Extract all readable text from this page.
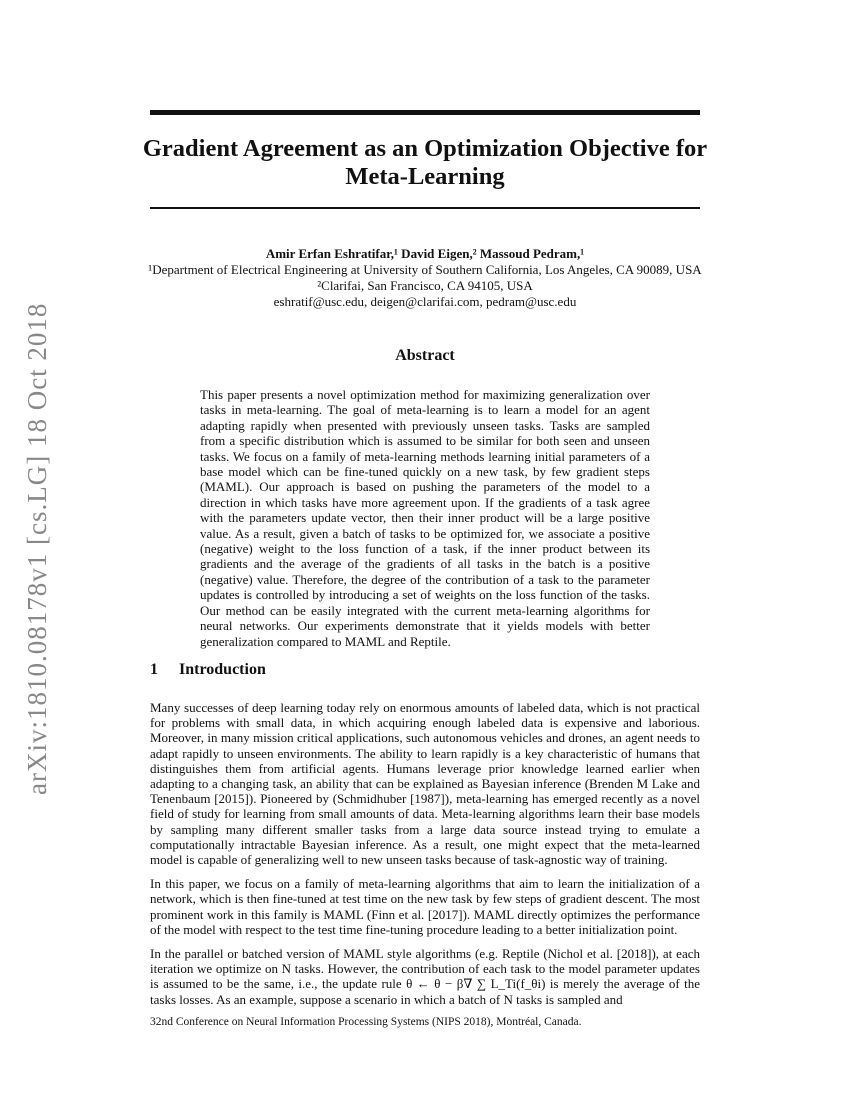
arXiv:1810.08178v1 [cs.LG] 18 Oct 2018
Gradient Agreement as an Optimization Objective for Meta-Learning
Amir Erfan Eshratifar,¹ David Eigen,² Massoud Pedram,¹
¹Department of Electrical Engineering at University of Southern California, Los Angeles, CA 90089, USA
²Clarifai, San Francisco, CA 94105, USA
eshratif@usc.edu, deigen@clarifai.com, pedram@usc.edu
Abstract
This paper presents a novel optimization method for maximizing generalization over tasks in meta-learning. The goal of meta-learning is to learn a model for an agent adapting rapidly when presented with previously unseen tasks. Tasks are sampled from a specific distribution which is assumed to be similar for both seen and unseen tasks. We focus on a family of meta-learning methods learning initial parameters of a base model which can be fine-tuned quickly on a new task, by few gradient steps (MAML). Our approach is based on pushing the parameters of the model to a direction in which tasks have more agreement upon. If the gradients of a task agree with the parameters update vector, then their inner product will be a large positive value. As a result, given a batch of tasks to be optimized for, we associate a positive (negative) weight to the loss function of a task, if the inner product between its gradients and the average of the gradients of all tasks in the batch is a positive (negative) value. Therefore, the degree of the contribution of a task to the parameter updates is controlled by introducing a set of weights on the loss function of the tasks. Our method can be easily integrated with the current meta-learning algorithms for neural networks. Our experiments demonstrate that it yields models with better generalization compared to MAML and Reptile.
1 Introduction

Many successes of deep learning today rely on enormous amounts of labeled data, which is not practical for problems with small data, in which acquiring enough labeled data is expensive and laborious. Moreover, in many mission critical applications, such autonomous vehicles and drones, an agent needs to adapt rapidly to unseen environments. The ability to learn rapidly is a key characteristic of humans that distinguishes them from artificial agents. Humans leverage prior knowledge learned earlier when adapting to a changing task, an ability that can be explained as Bayesian inference (Brenden M Lake and Tenenbaum [2015]). Pioneered by (Schmidhuber [1987]), meta-learning has emerged recently as a novel field of study for learning from small amounts of data. Meta-learning algorithms learn their base models by sampling many different smaller tasks from a large data source instead trying to emulate a computationally intractable Bayesian inference. As a result, one might expect that the meta-learned model is capable of generalizing well to new unseen tasks because of task-agnostic way of training.

In this paper, we focus on a family of meta-learning algorithms that aim to learn the initialization of a network, which is then fine-tuned at test time on the new task by few steps of gradient descent. The most prominent work in this family is MAML (Finn et al. [2017]). MAML directly optimizes the performance of the model with respect to the test time fine-tuning procedure leading to a better initialization point.

In the parallel or batched version of MAML style algorithms (e.g. Reptile (Nichol et al. [2018]), at each iteration we optimize on N tasks. However, the contribution of each task to the model parameter updates is assumed to be the same, i.e., the update rule θ ← θ − β∇ ∑ L_Ti(f_θi) is merely the average of the tasks losses. As an example, suppose a scenario in which a batch of N tasks is sampled and

32nd Conference on Neural Information Processing Systems (NIPS 2018), Montréal, Canada.
